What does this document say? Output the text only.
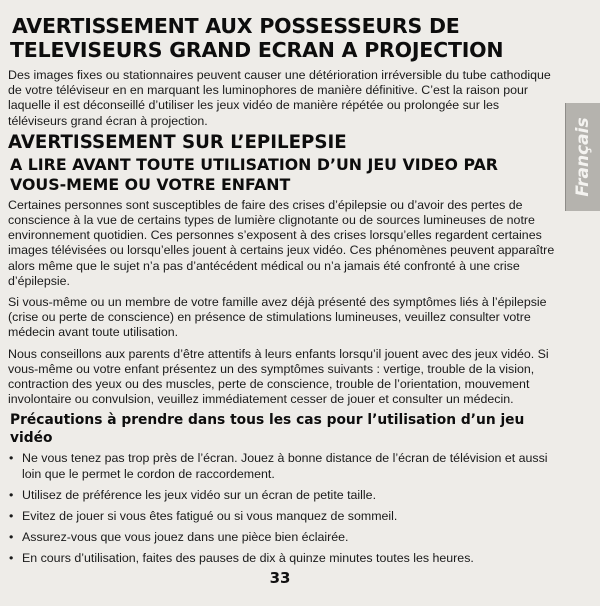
AVERTISSEMENT AUX POSSESSEURS DE
TELEVISEURS GRAND ECRAN A PROJECTION

Des images fixes ou stationnaires peuvent causer une détérioration irréversible du tube cathodique de votre téléviseur en en marquant les luminophores de manière définitive. C’est la raison pour laquelle il est déconseillé d’utiliser les jeux vidéo de manière répétée ou prolongée sur les téléviseurs grand écran à projection.

AVERTISSEMENT SUR L’EPILEPSIE
A LIRE AVANT TOUTE UTILISATION D’UN JEU VIDEO PAR
VOUS-MEME OU VOTRE ENFANT

Certaines personnes sont susceptibles de faire des crises d’épilepsie ou d’avoir des pertes de conscience à la vue de certains types de lumière clignotante ou de sources lumineuses de notre environnement quotidien. Ces personnes s’exposent à des crises lorsqu’elles regardent certaines images télévisées ou lorsqu’elles jouent à certains jeux vidéo. Ces phénomènes peuvent apparaître alors même que le sujet n’a pas d’antécédent médical ou n’a jamais été confronté à une crise d’épilepsie.

Si vous-même ou un membre de votre famille avez déjà présenté des symptômes liés à l’épilepsie (crise ou perte de conscience) en présence de stimulations lumineuses, veuillez consulter votre médecin avant toute utilisation.

Nous conseillons aux parents d’être attentifs à leurs enfants lorsqu’il jouent avec des jeux vidéo. Si vous-même ou votre enfant présentez un des symptômes suivants : vertige, trouble de la vision, contraction des yeux ou des muscles, perte de conscience, trouble de l’orientation, mouvement involontaire ou convulsion, veuillez immédiatement cesser de jouer et consulter un médecin.

Précautions à prendre dans tous les cas pour l’utilisation d’un jeu vidéo
• Ne vous tenez pas trop près de l’écran. Jouez à bonne distance de l’écran de télévision et aussi loin que le permet le cordon de raccordement.
• Utilisez de préférence les jeux vidéo sur un écran de petite taille.
• Evitez de jouer si vous êtes fatigué ou si vous manquez de sommeil.
• Assurez-vous que vous jouez dans une pièce bien éclairée.
• En cours d’utilisation, faites des pauses de dix à quinze minutes toutes les heures.
Français
33
